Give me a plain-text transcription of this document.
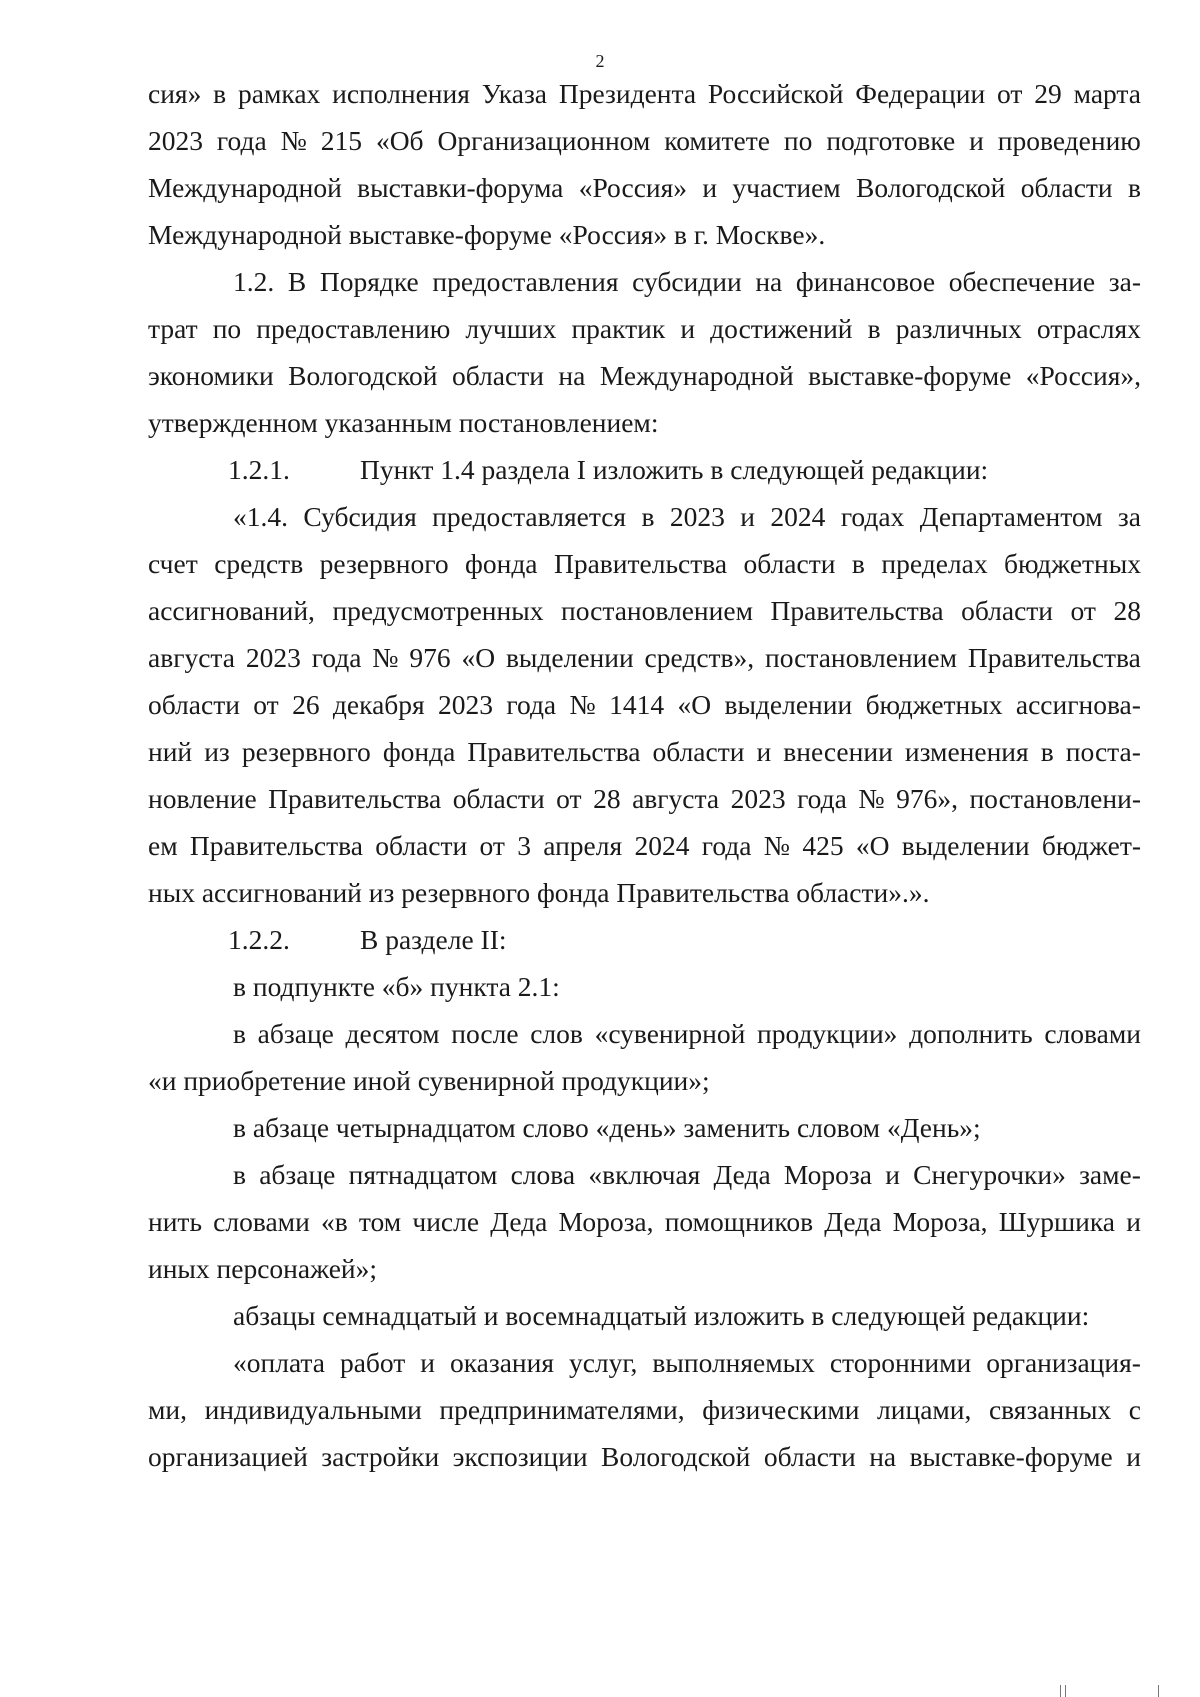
2
сия» в рамках исполнения Указа Президента Российской Федерации от 29 марта
2023 года № 215 «Об Организационном комитете по подготовке и проведению
Международной выставки-форума «Россия» и участием Вологодской области в
Международной выставке-форуме «Россия» в г. Москве».
1.2. В Порядке предоставления субсидии на финансовое обеспечение за-
трат по предоставлению лучших практик и достижений в различных отраслях
экономики Вологодской области на Международной выставке-форуме «Россия»,
утвержденном указанным постановлением:
1.2.1.	Пункт 1.4 раздела I изложить в следующей редакции:
«1.4. Субсидия предоставляется в 2023 и 2024 годах Департаментом за
счет средств резервного фонда Правительства области в пределах бюджетных
ассигнований, предусмотренных постановлением Правительства области от 28
августа 2023 года № 976 «О выделении средств», постановлением Правительства
области от 26 декабря 2023 года № 1414 «О выделении бюджетных ассигнова-
ний из резервного фонда Правительства области и внесении изменения в поста-
новление Правительства области от 28 августа 2023 года № 976», постановлени-
ем Правительства области от 3 апреля 2024 года № 425 «О выделении бюджет-
ных ассигнований из резервного фонда Правительства области».».
1.2.2.	В разделе II:
в подпункте «б» пункта 2.1:
в абзаце десятом после слов «сувенирной продукции» дополнить словами
«и приобретение иной сувенирной продукции»;
в абзаце четырнадцатом слово «день» заменить словом «День»;
в абзаце пятнадцатом слова «включая Деда Мороза и Снегурочки» заме-
нить словами «в том числе Деда Мороза, помощников Деда Мороза, Шуршика и
иных персонажей»;
абзацы семнадцатый и восемнадцатый изложить в следующей редакции:
«оплата работ и оказания услуг, выполняемых сторонними организация-
ми, индивидуальными предпринимателями, физическими лицами, связанных с
организацией застройки экспозиции Вологодской области на выставке-форуме и
